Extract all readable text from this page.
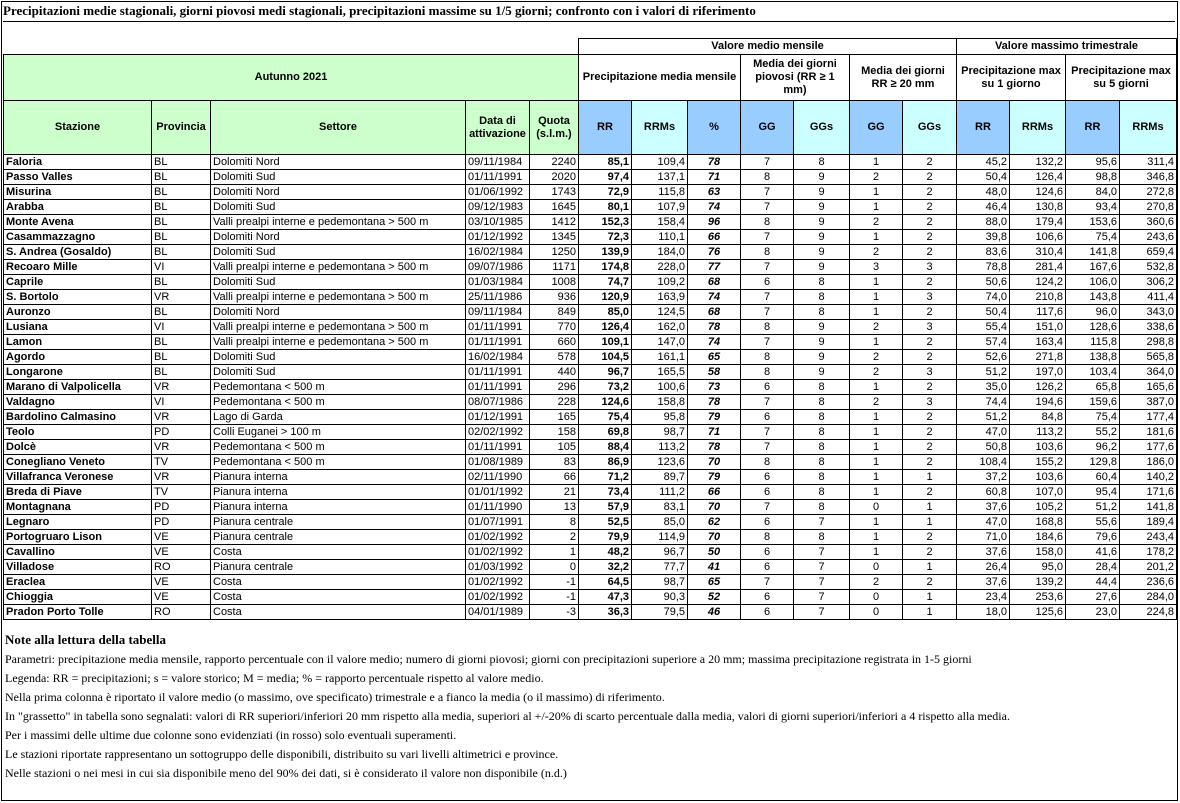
Precipitazioni medie stagionali, giorni piovosi medi stagionali, precipitazioni massime su 1/5 giorni; confronto con i valori di riferimento
					Valore medio mensile							Valore massimo trimestrale			
Autunno 2021					Precipitazione media mensile			Media dei giorni piovosi (RR ≥ 1 mm)		Media dei giorni RR ≥ 20 mm		Precipitazione max su 1 giorno		Precipitazione max su 5 giorni	
Stazione	Provincia	Settore	Data di attivazione	Quota (s.l.m.)	RR	RRMs	%	GG	GGs	GG	GGs	RR	RRMs	RR	RRMs
Faloria	BL	Dolomiti Nord	09/11/1984	2240	85,1	109,4	78	7	8	1	2	45,2	132,2	95,6	311,4
Passo Valles	BL	Dolomiti Sud	01/11/1991	2020	97,4	137,1	71	8	9	2	2	50,4	126,4	98,8	346,8
Misurina	BL	Dolomiti Nord	01/06/1992	1743	72,9	115,8	63	7	9	1	2	48,0	124,6	84,0	272,8
Arabba	BL	Dolomiti Sud	09/12/1983	1645	80,1	107,9	74	7	9	1	2	46,4	130,8	93,4	270,8
Monte Avena	BL	Valli prealpi interne e pedemontana > 500 m	03/10/1985	1412	152,3	158,4	96	8	9	2	2	88,0	179,4	153,6	360,6
Casammazzagno	BL	Dolomiti Nord	01/12/1992	1345	72,3	110,1	66	7	9	1	2	39,8	106,6	75,4	243,6
S. Andrea (Gosaldo)	BL	Dolomiti Sud	16/02/1984	1250	139,9	184,0	76	8	9	2	2	83,6	310,4	141,8	659,4
Recoaro Mille	VI	Valli prealpi interne e pedemontana > 500 m	09/07/1986	1171	174,8	228,0	77	7	9	3	3	78,8	281,4	167,6	532,8
Caprile	BL	Dolomiti Sud	01/03/1984	1008	74,7	109,2	68	6	8	1	2	50,6	124,2	106,0	306,2
S. Bortolo	VR	Valli prealpi interne e pedemontana > 500 m	25/11/1986	936	120,9	163,9	74	7	8	1	3	74,0	210,8	143,8	411,4
Auronzo	BL	Dolomiti Nord	09/11/1984	849	85,0	124,5	68	7	8	1	2	50,4	117,6	96,0	343,0
Lusiana	VI	Valli prealpi interne e pedemontana > 500 m	01/11/1991	770	126,4	162,0	78	8	9	2	3	55,4	151,0	128,6	338,6
Lamon	BL	Valli prealpi interne e pedemontana > 500 m	01/11/1991	660	109,1	147,0	74	7	9	1	2	57,4	163,4	115,8	298,8
Agordo	BL	Dolomiti Sud	16/02/1984	578	104,5	161,1	65	8	9	2	2	52,6	271,8	138,8	565,8
Longarone	BL	Dolomiti Sud	01/11/1991	440	96,7	165,5	58	8	9	2	3	51,2	197,0	103,4	364,0
Marano di Valpolicella	VR	Pedemontana < 500 m	01/11/1991	296	73,2	100,6	73	6	8	1	2	35,0	126,2	65,8	165,6
Valdagno	VI	Pedemontana < 500 m	08/07/1986	228	124,6	158,8	78	7	8	2	3	74,4	194,6	159,6	387,0
Bardolino Calmasino	VR	Lago di Garda	01/12/1991	165	75,4	95,8	79	6	8	1	2	51,2	84,8	75,4	177,4
Teolo	PD	Colli Euganei > 100 m	02/02/1992	158	69,8	98,7	71	7	8	1	2	47,0	113,2	55,2	181,6
Dolcè	VR	Pedemontana < 500 m	01/11/1991	105	88,4	113,2	78	7	8	1	2	50,8	103,6	96,2	177,6
Conegliano Veneto	TV	Pedemontana < 500 m	01/08/1989	83	86,9	123,6	70	8	8	1	2	108,4	155,2	129,8	186,0
Villafranca Veronese	VR	Pianura interna	02/11/1990	66	71,2	89,7	79	6	8	1	1	37,2	103,6	60,4	140,2
Breda di Piave	TV	Pianura interna	01/01/1992	21	73,4	111,2	66	6	8	1	2	60,8	107,0	95,4	171,6
Montagnana	PD	Pianura interna	01/11/1990	13	57,9	83,1	70	7	8	0	1	37,6	105,2	51,2	141,8
Legnaro	PD	Pianura centrale	01/07/1991	8	52,5	85,0	62	6	7	1	1	47,0	168,8	55,6	189,4
Portogruaro Lison	VE	Pianura centrale	01/02/1992	2	79,9	114,9	70	8	8	1	2	71,0	184,6	79,6	243,4
Cavallino	VE	Costa	01/02/1992	1	48,2	96,7	50	6	7	1	2	37,6	158,0	41,6	178,2
Villadose	RO	Pianura centrale	01/03/1992	0	32,2	77,7	41	6	7	0	1	26,4	95,0	28,4	201,2
Eraclea	VE	Costa	01/02/1992	-1	64,5	98,7	65	7	7	2	2	37,6	139,2	44,4	236,6
Chioggia	VE	Costa	01/02/1992	-1	47,3	90,3	52	6	7	0	1	23,4	253,6	27,6	284,0
Pradon Porto Tolle	RO	Costa	04/01/1989	-3	36,3	79,5	46	6	7	0	1	18,0	125,6	23,0	224,8
Note alla lettura della tabella
Parametri: precipitazione media mensile, rapporto percentuale con il valore medio; numero di giorni piovosi; giorni con precipitazioni superiore a 20 mm; massima precipitazione registrata in 1-5 giorni
Legenda: RR = precipitazioni; s = valore storico; M = media; % = rapporto percentuale rispetto al valore medio.
Nella prima colonna è riportato il valore medio (o massimo, ove specificato) trimestrale e a fianco la media (o il massimo) di riferimento.
In "grassetto" in tabella sono segnalati: valori di RR superiori/inferiori 20 mm rispetto alla media, superiori al +/-20% di scarto percentuale dalla media, valori di giorni superiori/inferiori a 4 rispetto alla media.
Per i massimi delle ultime due colonne sono evidenziati (in rosso) solo eventuali superamenti.
Le stazioni riportate rappresentano un sottogruppo delle disponibili, distribuito su vari livelli altimetrici e province.
Nelle stazioni o nei mesi in cui sia disponibile meno del 90% dei dati, si è considerato il valore non disponibile (n.d.)
